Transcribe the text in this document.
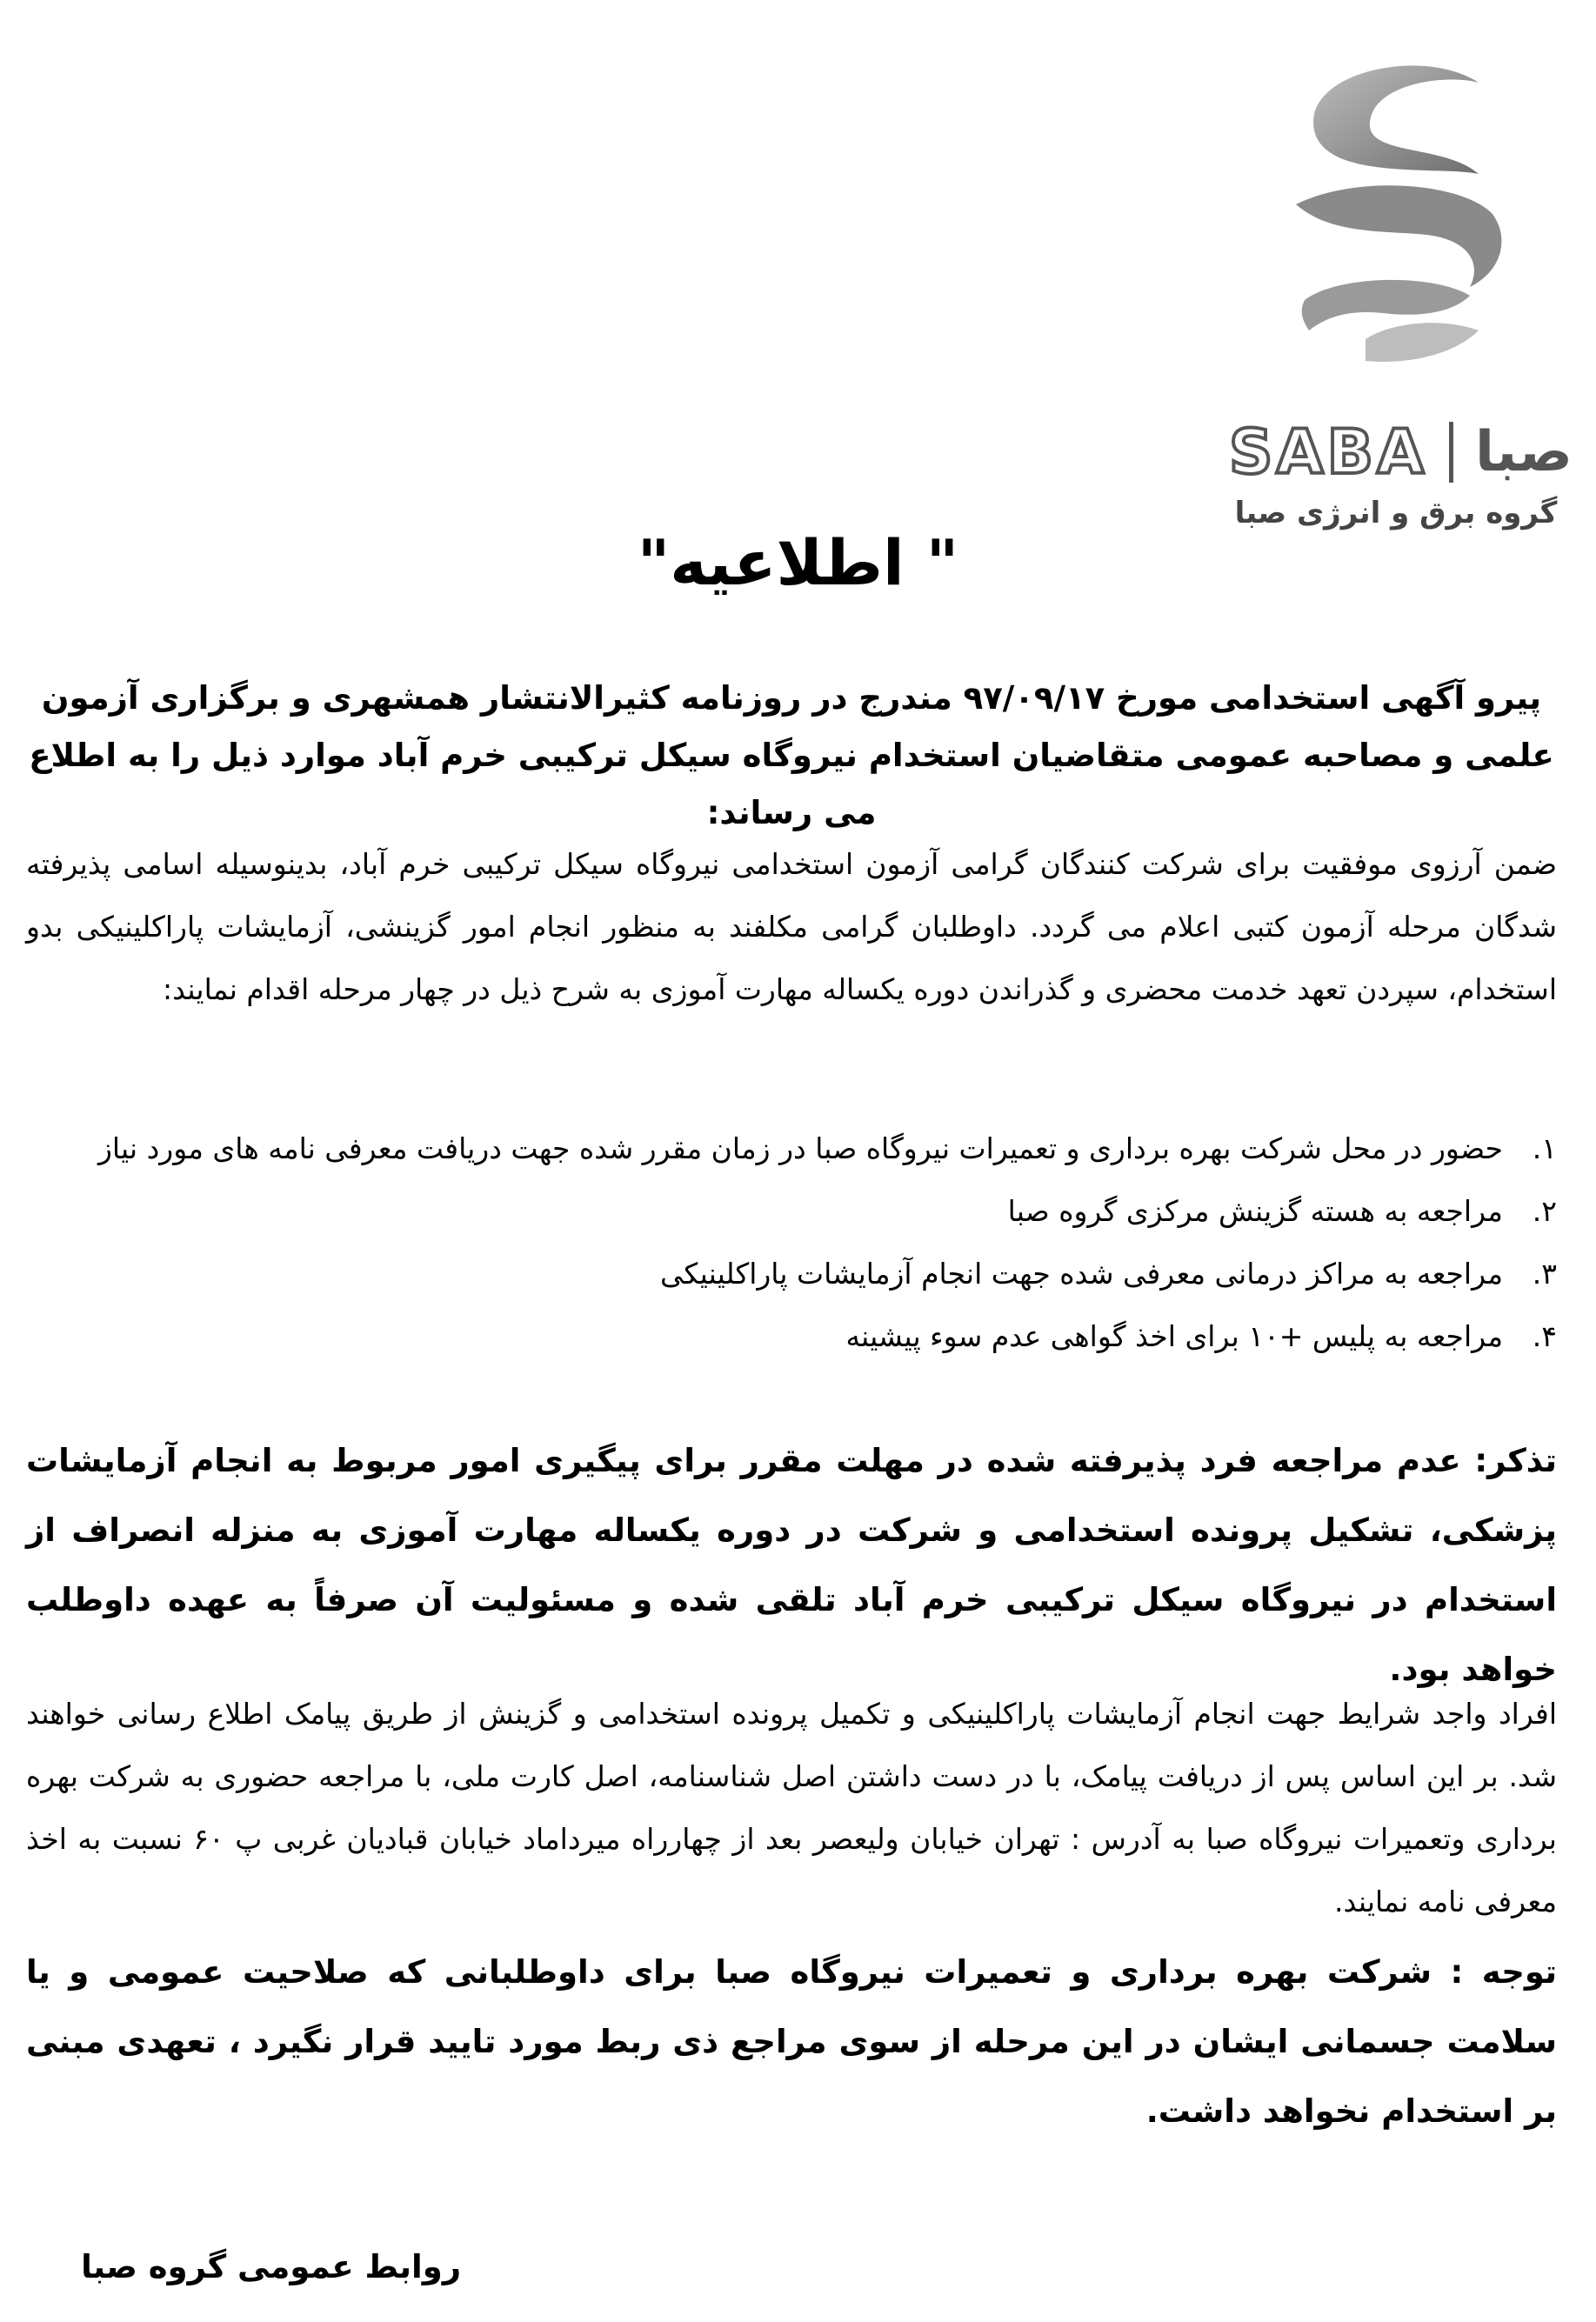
SABA صبا
گروه برق و انرژی صبا
" اطلاعیه"
پیرو آگهی استخدامی مورخ ۹۷/۰۹/۱۷ مندرج در روزنامه کثیرالانتشار همشهری و برگزاری آزمون علمی و مصاحبه عمومی متقاضیان استخدام نیروگاه سیکل ترکیبی خرم آباد موارد ذیل را به اطلاع می رساند:
ضمن آرزوی موفقیت برای شرکت کنندگان گرامی آزمون استخدامی نیروگاه سیکل ترکیبی خرم آباد، بدینوسیله اسامی پذیرفته شدگان مرحله آزمون کتبی اعلام می گردد. داوطلبان گرامی مکلفند به منظور انجام امور گزینشی، آزمایشات پاراکلینیکی بدو استخدام، سپردن تعهد خدمت محضری و گذراندن دوره یکساله مهارت آموزی به شرح ذیل در چهار مرحله اقدام نمایند:
۱.حضور در محل شرکت بهره برداری و تعمیرات نیروگاه صبا در زمان مقرر شده جهت دریافت معرفی نامه های مورد نیاز
۲.مراجعه به هسته گزینش مرکزی گروه صبا
۳.مراجعه به مراکز درمانی معرفی شده جهت انجام آزمایشات پاراکلینیکی
۴.مراجعه به پلیس +۱۰ برای اخذ گواهی عدم سوء پیشینه
تذکر: عدم مراجعه فرد پذیرفته شده در مهلت مقرر برای پیگیری امور مربوط به انجام آزمایشات پزشکی، تشکیل پرونده استخدامی و شرکت در دوره یکساله مهارت آموزی به منزله انصراف از استخدام در نیروگاه سیکل ترکیبی خرم آباد تلقی شده و مسئولیت آن صرفاً به عهده داوطلب خواهد بود.
افراد واجد شرایط جهت انجام آزمایشات پاراکلینیکی و تکمیل پرونده استخدامی و گزینش از طریق پیامک اطلاع رسانی خواهند شد. بر این اساس پس از دریافت پیامک، با در دست داشتن اصل شناسنامه، اصل کارت ملی، با مراجعه حضوری به شرکت بهره برداری وتعمیرات نیروگاه صبا به آدرس : تهران خیابان ولیعصر بعد از چهارراه میرداماد خیابان قبادیان غربی پ ۶۰ نسبت به اخذ معرفی نامه نمایند.
توجه : شرکت بهره برداری و تعمیرات نیروگاه صبا برای داوطلبانی که صلاحیت عمومی و یا سلامت جسمانی ایشان در این مرحله از سوی مراجع ذی ربط مورد تایید قرار نگیرد ، تعهدی مبنی بر استخدام نخواهد داشت.
روابط عمومی گروه صبا
